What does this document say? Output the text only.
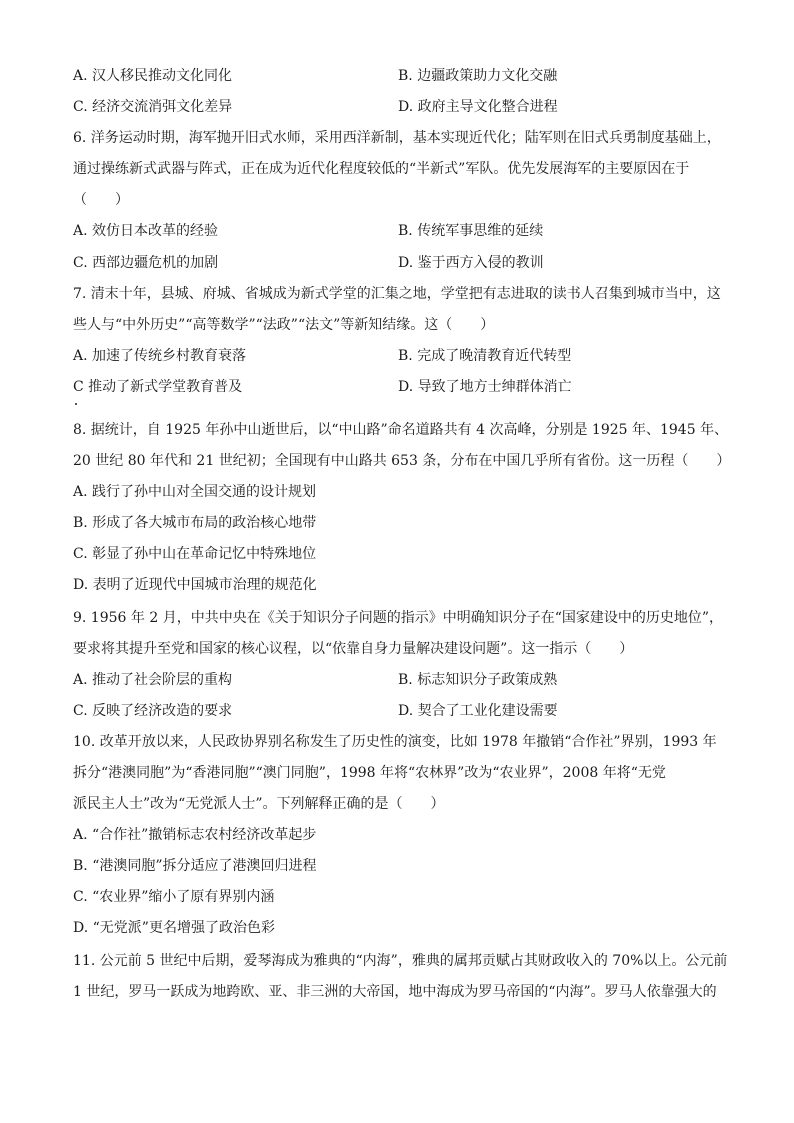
A. 汉人移民推动文化同化	B. 边疆政策助力文化交融
C. 经济交流消弭文化差异	D. 政府主导文化整合进程
6. 洋务运动时期，海军抛开旧式水师，采用西洋新制，基本实现近代化；陆军则在旧式兵勇制度基础上，
通过操练新式武器与阵式，正在成为近代化程度较低的“半新式”军队。优先发展海军的主要原因在于
（　　）
A. 效仿日本改革的经验	B. 传统军事思维的延续
C. 西部边疆危机的加剧	D. 鉴于西方入侵的教训
7. 清末十年，县城、府城、省城成为新式学堂的汇集之地，学堂把有志进取的读书人召集到城市当中，这
些人与“中外历史”“高等数学”“法政”“法文”等新知结缘。这（　　）
A. 加速了传统乡村教育衰落	B. 完成了晚清教育近代转型
C 推动了新式学堂教育普及	D. 导致了地方士绅群体消亡
8. 据统计，自 1925 年孙中山逝世后，以“中山路”命名道路共有 4 次高峰，分别是 1925 年、1945 年、
20 世纪 80 年代和 21 世纪初；全国现有中山路共 653 条，分布在中国几乎所有省份。这一历程（　　）
A. 践行了孙中山对全国交通的设计规划
B. 形成了各大城市布局的政治核心地带
C. 彰显了孙中山在革命记忆中特殊地位
D. 表明了近现代中国城市治理的规范化
9. 1956 年 2 月，中共中央在《关于知识分子问题的指示》中明确知识分子在“国家建设中的历史地位”，
要求将其提升至党和国家的核心议程，以“依靠自身力量解决建设问题”。这一指示（　　）
A. 推动了社会阶层的重构	B. 标志知识分子政策成熟
C. 反映了经济改造的要求	D. 契合了工业化建设需要
10. 改革开放以来，人民政协界别名称发生了历史性的演变，比如 1978 年撤销“合作社”界别，1993 年
拆分“港澳同胞”为“香港同胞”“澳门同胞”，1998 年将“农林界”改为“农业界”，2008 年将“无党
派民主人士”改为“无党派人士”。下列解释正确的是（　　）
A. “合作社”撤销标志农村经济改革起步
B. “港澳同胞”拆分适应了港澳回归进程
C. “农业界”缩小了原有界别内涵
D. “无党派”更名增强了政治色彩
11. 公元前 5 世纪中后期，爱琴海成为雅典的“内海”，雅典的属邦贡赋占其财政收入的 70%以上。公元前
1 世纪，罗马一跃成为地跨欧、亚、非三洲的大帝国，地中海成为罗马帝国的“内海”。罗马人依靠强大的
